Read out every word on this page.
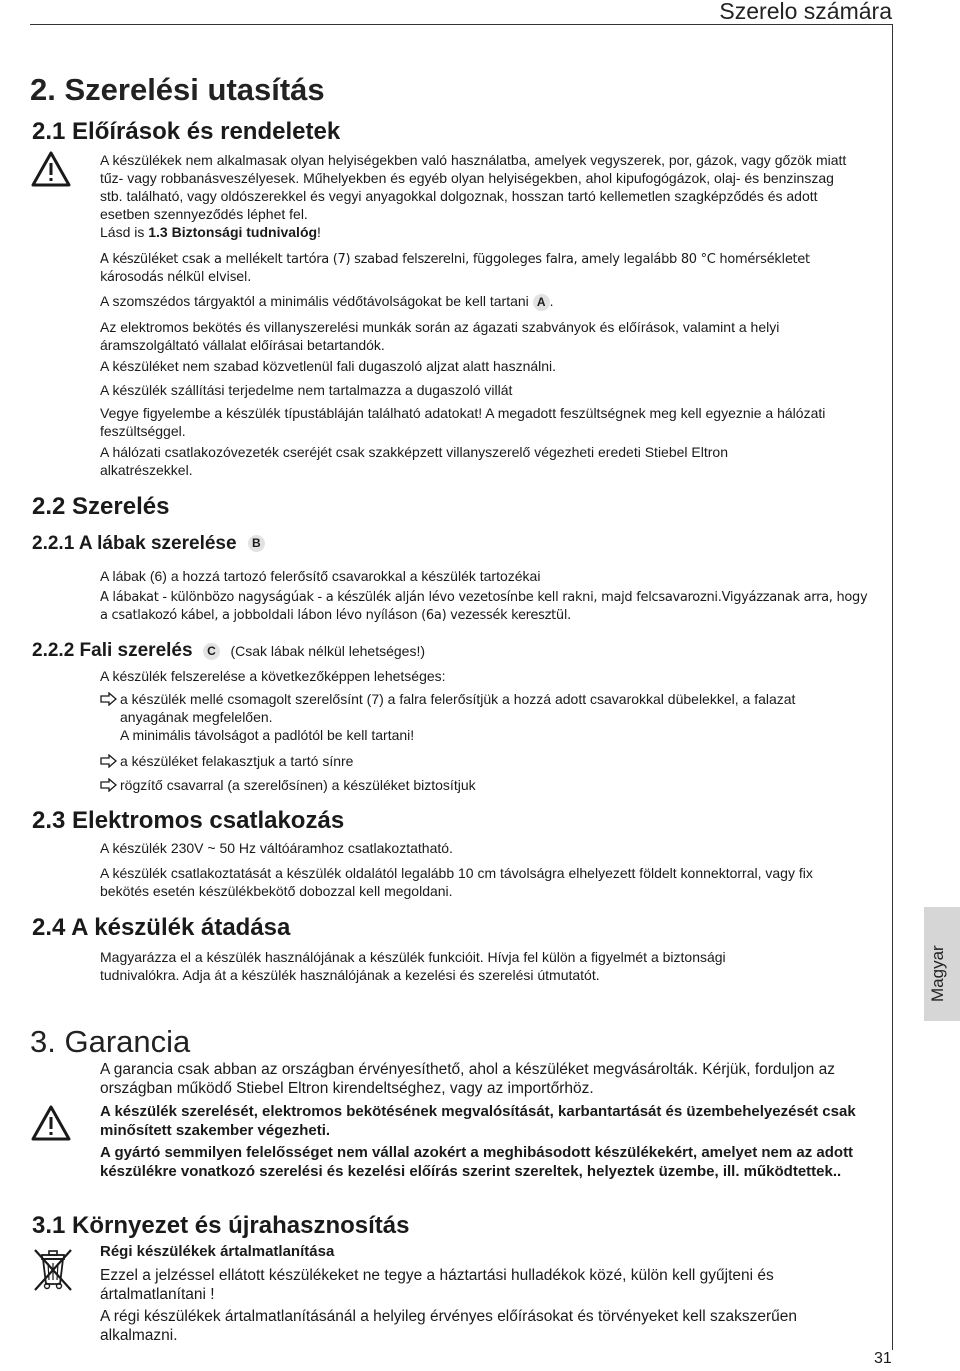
Szerelo számára
2. Szerelési utasítás
2.1 Előírások és rendeletek
A készülékek nem alkalmasak olyan helyiségekben való használatba, amelyek vegyszerek, por, gázok, vagy gőzök miatt tűz- vagy robbanásveszélyesek. Műhelyekben és egyéb olyan helyiségekben, ahol kipufogógázok, olaj- és benzinszag stb. található, vagy oldószerekkel és vegyi anyagokkal dolgoznak, hosszan tartó kellemetlen szagképződés és adott esetben szennyeződés léphet fel.
Lásd is 1.3 Biztonsági tudnivalóg!
A készüléket csak a mellékelt tartóra (7) szabad felszerelni, függoleges falra, amely legalább 80 °C homérsékletet károsodás nélkül elvisel.
A szomszédos tárgyaktól a minimális védőtávolságokat be kell tartani A .
Az elektromos bekötés és villanyszerelési munkák során az ágazati szabványok és előírások, valamint a helyi áramszolgáltató vállalat előírásai betartandók.
A készüléket nem szabad közvetlenül fali dugaszoló aljzat alatt használni.
A készülék szállítási terjedelme nem tartalmazza a dugaszoló villát
Vegye figyelembe a készülék típustábláján található adatokat! A megadott feszültségnek meg kell egyeznie a hálózati feszültséggel.
A hálózati csatlakozóvezeték cseréjét csak szakképzett villanyszerelő végezheti eredeti Stiebel Eltron alkatrészekkel.
2.2 Szerelés
2.2.1 A lábak szerelése B
A lábak (6) a hozzá tartozó felerősítő csavarokkal a készülék tartozékai
A lábakat - különbözo nagyságúak - a készülék alján lévo vezetosínbe kell rakni, majd felcsavarozni.Vigyázzanak arra, hogy a csatlakozó kábel, a jobboldali lábon lévo nyíláson (6a) vezessék keresztül.
2.2.2 Fali szerelés C (Csak lábak nélkül lehetséges!)
A készülék felszerelése a következőképpen lehetséges:
a készülék mellé csomagolt szerelősínt (7) a falra felerősítjük a hozzá adott csavarokkal dübelekkel, a falazat anyagának megfelelően.
A minimális távolságot a padlótól be kell tartani!
a készüléket felakasztjuk a tartó sínre
rögzítő csavarral (a szerelősínen) a készüléket biztosítjuk
2.3 Elektromos csatlakozás
A készülék 230V ~ 50 Hz váltóáramhoz csatlakoztatható.
A készülék csatlakoztatását a készülék oldalától legalább 10 cm távolságra elhelyezett földelt konnektorral, vagy fix bekötés esetén készülékbekötő dobozzal kell megoldani.
2.4 A készülék átadása
Magyarázza el a készülék használójának a készülék funkcióit. Hívja fel külön a figyelmét a biztonsági tudnivalókra. Adja át a készülék használójának a kezelési és szerelési útmutatót.	Magyar
3. Garancia
A garancia csak abban az országban érvényesíthető, ahol a készüléket megvásárolták. Kérjük, forduljon az országban működő Stiebel Eltron kirendeltséghez, vagy az importőrhöz.
A készülék szerelését, elektromos bekötésének megvalósítását, karbantartását és üzembehelyezését csak minősített szakember végezheti.
A gyártó semmilyen felelősséget nem vállal azokért a meghibásodott készülékekért, amelyet nem az adott készülékre vonatkozó szerelési és kezelési előírás szerint szereltek, helyeztek üzembe, ill. működtettek..
3.1 Környezet és újrahasznosítás
Régi készülékek ártalmatlanítása
Ezzel a jelzéssel ellátott készülékeket ne tegye a háztartási hulladékok közé, külön kell gyűjteni és ártalmatlanítani !
A régi készülékek ártalmatlanításánál a helyileg érvényes előírásokat és törvényeket kell szakszerűen alkalmazni.
31
